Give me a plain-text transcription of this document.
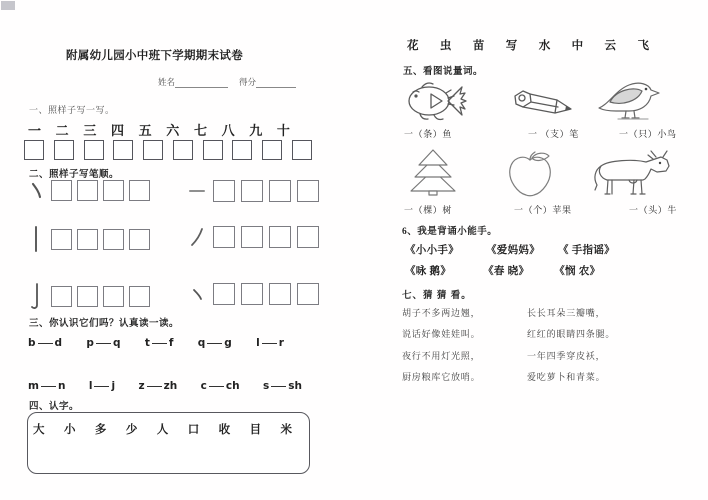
附属幼儿园小中班下学期期末试卷
姓名	得分
一、照样子写一写。
一 二 三 四 五 六 七 八 九 十
二、照样子写笔顺。
三、你认识它们吗？认真读一读。
b d p q t f q g l r
m n l j z zh c ch s sh
四、认字。
大 小 多 少 人 口 收 目 米
花 虫 苗 写 水 中 云 飞
五、看图说量词。
一（条）鱼	一 （支）笔	一（只）小鸟
一（棵）树	一（个）苹果	一（头）牛
6、我是背诵小能手。
《小小手》	《爱妈妈》 《 手指谣》
《咏 鹅》	《春 晓》 《悯 农》
七、猜 猜 看。
胡子不多两边翘，
说话好像娃娃叫。
夜行不用灯光照，
厨房粮库它放哨。
长长耳朵三瓣嘴，
红红的眼睛四条腿。
一年四季穿皮袄，
爱吃萝卜和青菜。
